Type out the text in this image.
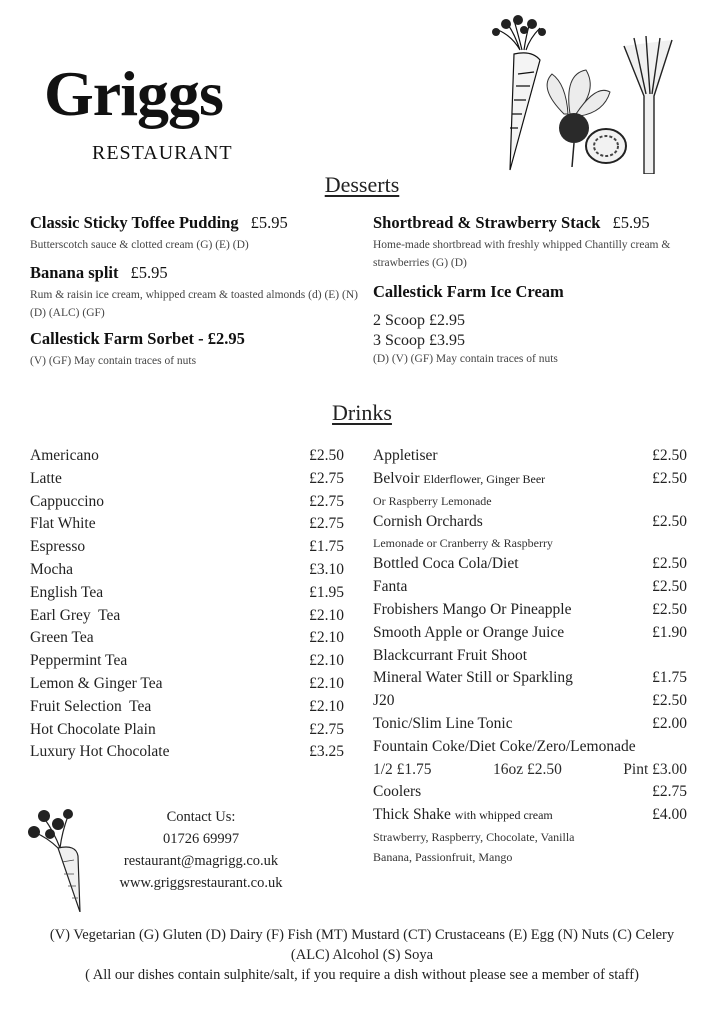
Griggs
RESTAURANT
Desserts
Classic Sticky Toffee Pudding £5.95
Butterscotch sauce & clotted cream (G) (E) (D)
Banana split £5.95
Rum & raisin ice cream, whipped cream & toasted almonds (d) (E) (N) (D) (ALC) (GF)
Callestick Farm Sorbet - £2.95
(V) (GF) May contain traces of nuts
Shortbread & Strawberry Stack £5.95
Home-made shortbread with freshly whipped Chantilly cream & strawberries (G) (D)
Callestick Farm Ice Cream
2 Scoop £2.95
3 Scoop £3.95
(D) (V) (GF) May contain traces of nuts
Drinks
Americano	£2.50
Latte	£2.75
Cappuccino	£2.75
Flat White	£2.75
Espresso	£1.75
Mocha	£3.10
English Tea	£1.95
Earl Grey  Tea	£2.10
Green Tea	£2.10
Peppermint Tea	£2.10
Lemon & Ginger Tea	£2.10
Fruit Selection  Tea	£2.10
Hot Chocolate Plain	£2.75
Luxury Hot Chocolate	£3.25
Appletiser	£2.50
Belvoir Elderflower, Ginger Beer	£2.50
Or Raspberry Lemonade
Cornish Orchards	£2.50
Lemonade or Cranberry & Raspberry
Bottled Coca Cola/Diet	£2.50
Fanta	£2.50
Frobishers Mango Or Pineapple	£2.50
Smooth Apple or Orange Juice	£1.90
Blackcurrant Fruit Shoot
Mineral Water Still or Sparkling	£1.75
J20	£2.50
Tonic/Slim Line Tonic	£2.00
Fountain Coke/Diet Coke/Zero/Lemonade
1/2 £1.75	16oz £2.50	Pint £3.00
Coolers	£2.75
Thick Shake with whipped cream	£4.00
Strawberry, Raspberry, Chocolate, Vanilla
Banana, Passionfruit, Mango
Contact Us:
01726 69997
restaurant@magrigg.co.uk
www.griggsrestaurant.co.uk
(V) Vegetarian (G) Gluten (D) Dairy (F) Fish (MT) Mustard (CT) Crustaceans (E) Egg (N) Nuts (C) Celery
(ALC) Alcohol (S) Soya
( All our dishes contain sulphite/salt, if you require a dish without please see a member of staff)
